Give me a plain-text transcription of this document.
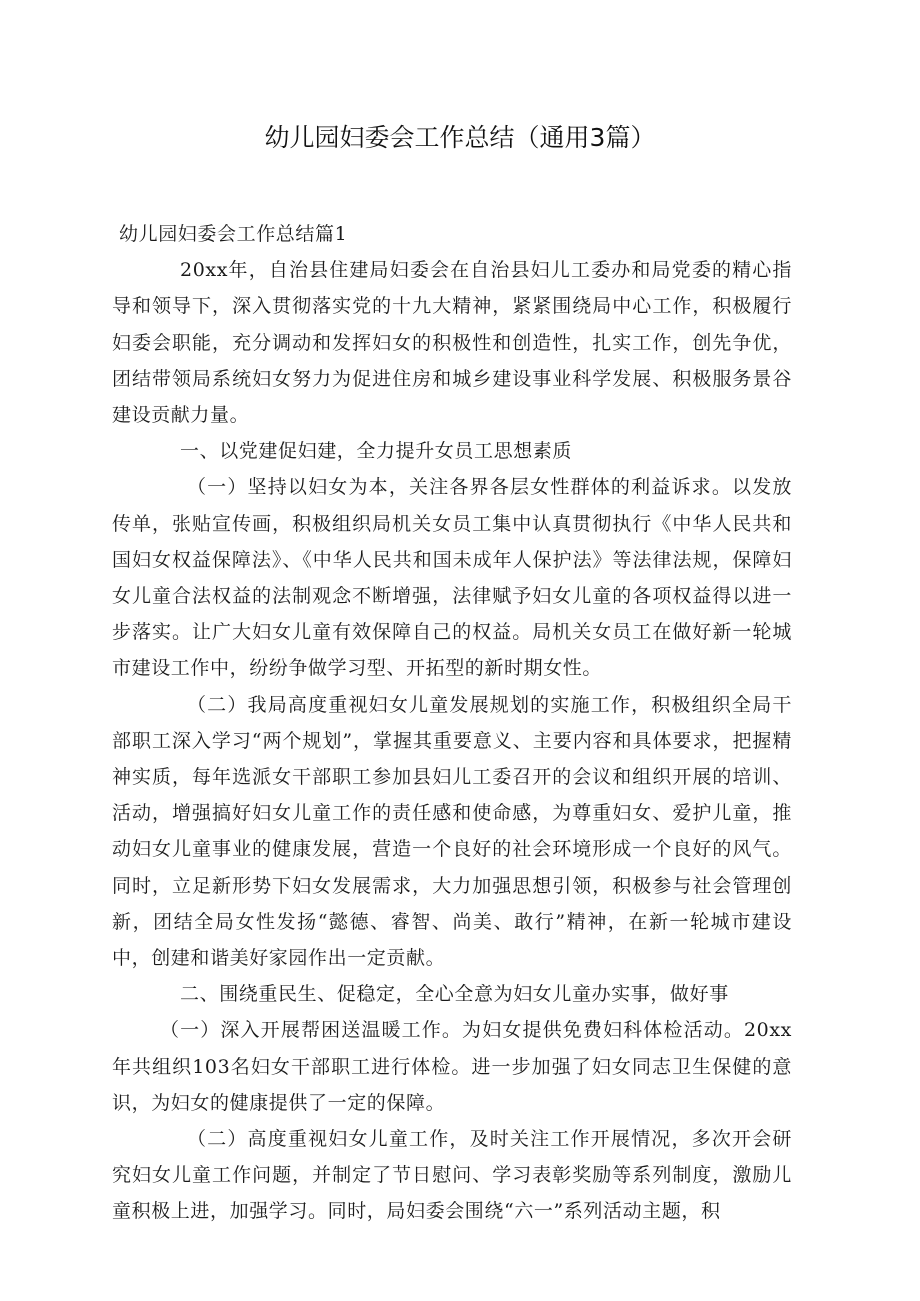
幼儿园妇委会工作总结（通用3篇）

幼儿园妇委会工作总结篇1

20xx年，自治县住建局妇委会在自治县妇儿工委办和局党委的精心指导和领导下，深入贯彻落实党的十九大精神，紧紧围绕局中心工作，积极履行妇委会职能，充分调动和发挥妇女的积极性和创造性，扎实工作，创先争优，团结带领局系统妇女努力为促进住房和城乡建设事业科学发展、积极服务景谷建设贡献力量。

一、以党建促妇建，全力提升女员工思想素质

（一）坚持以妇女为本，关注各界各层女性群体的利益诉求。以发放传单，张贴宣传画，积极组织局机关女员工集中认真贯彻执行《中华人民共和国妇女权益保障法》、《中华人民共和国未成年人保护法》等法律法规，保障妇女儿童合法权益的法制观念不断增强，法律赋予妇女儿童的各项权益得以进一步落实。让广大妇女儿童有效保障自己的权益。局机关女员工在做好新一轮城市建设工作中，纷纷争做学习型、开拓型的新时期女性。

（二）我局高度重视妇女儿童发展规划的实施工作，积极组织全局干部职工深入学习“两个规划”，掌握其重要意义、主要内容和具体要求，把握精神实质，每年选派女干部职工参加县妇儿工委召开的会议和组织开展的培训、活动，增强搞好妇女儿童工作的责任感和使命感，为尊重妇女、爱护儿童，推动妇女儿童事业的健康发展，营造一个良好的社会环境形成一个良好的风气。同时，立足新形势下妇女发展需求，大力加强思想引领，积极参与社会管理创新，团结全局女性发扬“懿德、睿智、尚美、敢行”精神，在新一轮城市建设中，创建和谐美好家园作出一定贡献。

二、围绕重民生、促稳定，全心全意为妇女儿童办实事，做好事

（一）深入开展帮困送温暖工作。为妇女提供免费妇科体检活动。20xx年共组织103名妇女干部职工进行体检。进一步加强了妇女同志卫生保健的意识，为妇女的健康提供了一定的保障。

（二）高度重视妇女儿童工作，及时关注工作开展情况，多次开会研究妇女儿童工作问题，并制定了节日慰问、学习表彰奖励等系列制度，激励儿童积极上进，加强学习。同时，局妇委会围绕“六一”系列活动主题，积
